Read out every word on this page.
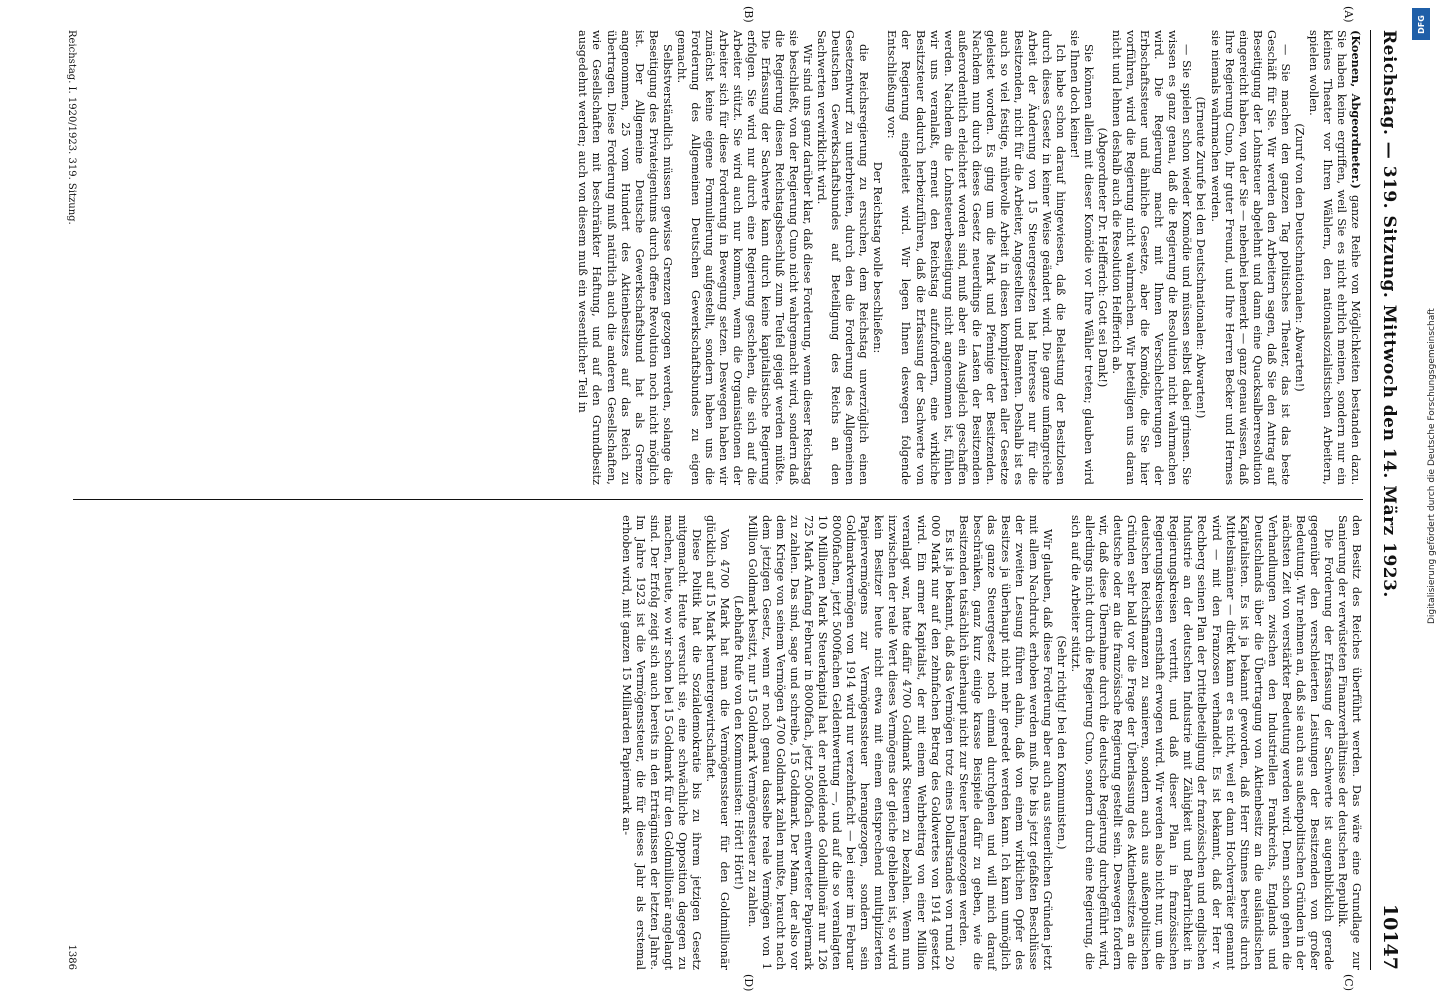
Reichstag. — 319. Sitzung. Mittwoch den 14. März 1923.
10147
(A)
(B)
(C)
(D)

(Koenen, Abgeordneter.) ganze Reihe von Möglichkeiten bestanden dazu. Sie haben keine ergriffen, weil Sie es nicht ehrlich meinen, sondern nur ein kleines Theater vor Ihren Wählern, den nationalsozialistischen Arbeitern, spielen wollen.

(Zuruf von den Deutschnationalen: Abwarten!)

— Sie machen den ganzen Tag politisches Theater, das ist das beste Geschäft für Sie. Wir werden den Arbeitern sagen, daß Sie den Antrag auf Beseitigung der Lohnsteuer abgelehnt und dann eine Quacksalberresolution eingereicht haben, von der Sie — nebenbei bemerkt — ganz genau wissen, daß Ihre Regierung Cuno, Ihr guter Freund, und Ihre Herren Becker und Hermes sie niemals wahrmachen werden.

(Erneute Zurufe bei den Deutschnationalen: Abwarten!)

— Sie spielen schon wieder Komödie und müssen selbst dabei grinsen. Sie wissen es ganz genau, daß die Regierung die Resolution nicht wahrmachen wird. Die Regierung macht mit Ihnen Verschlechterungen der Erbschaftssteuer und ähnliche Gesetze, aber die Komödie, die Sie hier vorführen, wird die Regierung nicht wahrmachen. Wir beteiligen uns daran nicht und lehnen deshalb auch die Resolution Helfferich ab.

(Abgeordneter Dr. Helfferich: Gott sei Dank!)

Sie können allein mit dieser Komödie vor Ihre Wähler treten; glauben wird sie Ihnen doch keiner!

Ich habe schon darauf hingewiesen, daß die Belastung der Besitzlosen durch dieses Gesetz in keiner Weise geändert wird. Die ganze umfangreiche Arbeit der Änderung von 15 Steuergesetzen hat Interesse nur für die Besitzenden, nicht für die Arbeiter, Angestellten und Beamten. Deshalb ist es auch so viel festige, mühevolle Arbeit in diesen komplizierten aller Gesetze geleistet worden. Es ging um die Mark und Pfennige der Besitzenden. Nachdem nun durch dieses Gesetz neuerdings die Lasten der Besitzenden außerordentlich erleichtert worden sind, muß aber ein Ausgleich geschaffen werden. Nachdem die Lohnsteuerbeseitigung nicht angenommen ist, fühlen wir uns veranlaßt, erneut den Reichstag aufzufordern, eine wirkliche Besitzsteuer dadurch herbeizuführen, daß die Erfassung der Sachwerte von der Regierung eingeleitet wird. Wir legen Ihnen deswegen folgende Entschließung vor:

Der Reichstag wolle beschließen:

die Reichsregierung zu ersuchen, dem Reichstag unverzüglich einen Gesetzentwurf zu unterbreiten, durch den die Forderung des Allgemeinen Deutschen Gewerkschaftsbundes auf Beteiligung des Reichs an den Sachwerten verwirklicht wird.

Wir sind uns ganz darüber klar, daß diese Forderung, wenn dieser Reichstag sie beschließt, von der Regierung Cuno nicht wahrgemacht wird, sondern daß die Regierung diesen Reichstagsbeschluß zum Teufel gejagt werden müßte. Die Erfassung der Sachwerte kann durch keine kapitalistische Regierung erfolgen. Sie wird nur durch eine Regierung geschehen, die sich auf die Arbeiter stützt. Sie wird auch nur kommen, wenn die Organisationen der Arbeiter sich für diese Forderung in Bewegung setzen. Deswegen haben wir zunächst keine eigene Formulierung aufgestellt, sondern haben uns die Forderung des Allgemeinen Deutschen Gewerkschaftsbundes zu eigen gemacht.

Selbstverständlich müssen gewisse Grenzen gezogen werden, solange die Beseitigung des Privateigentums durch offene Revolution noch nicht möglich ist. Der Allgemeine Deutsche Gewerkschaftsbund hat als Grenze angenommen, 25 vom Hundert des Aktienbesitzes auf das Reich zu übertragen. Diese Forderung muß natürlich auch die anderen Gesellschaften, wie Gesellschaften mit beschränkter Haftung, und auf den Grundbesitz ausgedehnt werden; auch von diesem muß ein wesentlicher Teil in

den Besitz des Reiches überführt werden. Das wäre eine Grundlage zur Sanierung der verwüsteten Finanzverhältnisse der deutschen Republik.

Die Forderung der Erfassung der Sachwerte ist augenblicklich gerade gegenüber den verschleierten Leistungen der Besitzenden von großer Bedeutung. Wir nehmen an, daß sie auch aus außenpolitischen Gründen in der nächsten Zeit von verstärkter Bedeutung werden wird. Denn schon gehen die Verhandlungen zwischen den Industriellen Frankreichs, Englands und Deutschlands über die Übertragung von Aktienbesitz an die ausländischen Kapitalisten. Es ist ja bekannt geworden, daß Herr Stinnes bereits durch Mittelsmänner — direkt kann er es nicht, weil er dann Hochverräter genannt wird — mit den Franzosen verhandelt. Es ist bekannt, daß der Herr v. Rechberg seinen Plan der Drittelbeteiligung der französischen und englischen Industrie an der deutschen Industrie mit Zähigkeit und Beharrlichkeit in Regierungskreisen vertritt, und daß dieser Plan in französischen Regierungskreisen ernsthaft erwogen wird. Wir werden also nicht nur, um die deutschen Reichsfinanzen zu sanieren, sondern auch aus außenpolitischen Gründen sehr bald vor die Frage der Überlassung des Aktienbesitzes an die deutsche oder an die französische Regierung gestellt sein. Deswegen fordern wir, daß diese Übernahme durch die deutsche Regierung durchgeführt wird, allerdings nicht durch die Regierung Cuno, sondern durch eine Regierung, die sich auf die Arbeiter stützt.

(Sehr richtig! bei den Kommunisten.)

Wir glauben, daß diese Forderung aber auch aus steuerlichen Gründen jetzt mit allem Nachdruck erhoben werden muß. Die bis jetzt gefaßten Beschlüsse der zweiten Lesung führen dahin, daß von einem wirklichen Opfer des Besitzes ja überhaupt nicht mehr geredet werden kann. Ich kann unmöglich das ganze Steuergesetz noch einmal durchgehen und will mich darauf beschränken, ganz kurz einige krasse Beispiele dafür zu geben, wie die Besitzenden tatsächlich überhaupt nicht zur Steuer herangezogen werden.

Es ist ja bekannt, daß das Vermögen trotz eines Dollarstandes von rund 20 000 Mark nur auf den zehnfachen Betrag des Goldwertes von 1914 gesetzt wird. Ein armer Kapitalist, der mit einem Wehrbeitrag von einer Million veranlagt war, hatte dafür 4700 Goldmark Steuern zu bezahlen. Wenn nun inzwischen der reale Wert dieses Vermögens der gleiche geblieben ist, so wird kein Besitzer heute nicht etwa mit einem entsprechend multiplizierten Papiervermögens zur Vermögenssteuer herangezogen, sondern sein Goldmarkvermögen von 1914 wird nur verzehnfacht — bei einer im Februar 8000fachen, jetzt 5000fachen Geldentwertung —, und auf die so veranlagten 10 Millionen Mark Steuerkapital hat der notleidende Goldmillionär nur 126 725 Mark Anfang Februar in 8000fach, jetzt 5000fach entwerteter Papiermark zu zahlen. Das sind, sage und schreibe, 15 Goldmark. Der Mann, der also vor dem Kriege von seinem Vermögen 4700 Goldmark zahlen mußte, braucht nach dem jetzigen Gesetz, wenn er noch genau dasselbe reale Vermögen von 1 Million Goldmark besitzt, nur 15 Goldmark Vermögenssteuer zu zahlen.

(Lebhafte Rufe von den Kommunisten: Hört! Hört!)

Von 4700 Mark hat man die Vermögenssteuer für den Goldmillionär glücklich auf 15 Mark heruntergewirtschaftet.

Diese Politik hat die Sozialdemokratie bis zu ihrem jetzigen Gesetz mitgemacht. Heute versucht sie, eine schwächliche Opposition dagegen zu machen, heute, wo wir schon bei 15 Goldmark für den Goldmillionär angelangt sind. Der Erfolg zeigt sich auch bereits in den Erträgnissen der letzten Jahre. Im Jahre 1923 ist die Vermögenssteuer, die für dieses Jahr als erstemal erhoben wird, mit ganzen 15 Milliarden Papiermark an-

Reichstag. I. 1920/1923. 319. Sitzung.
1386
DFG
Digitalisierung gefördert durch die Deutsche Forschungsgemeinschaft
